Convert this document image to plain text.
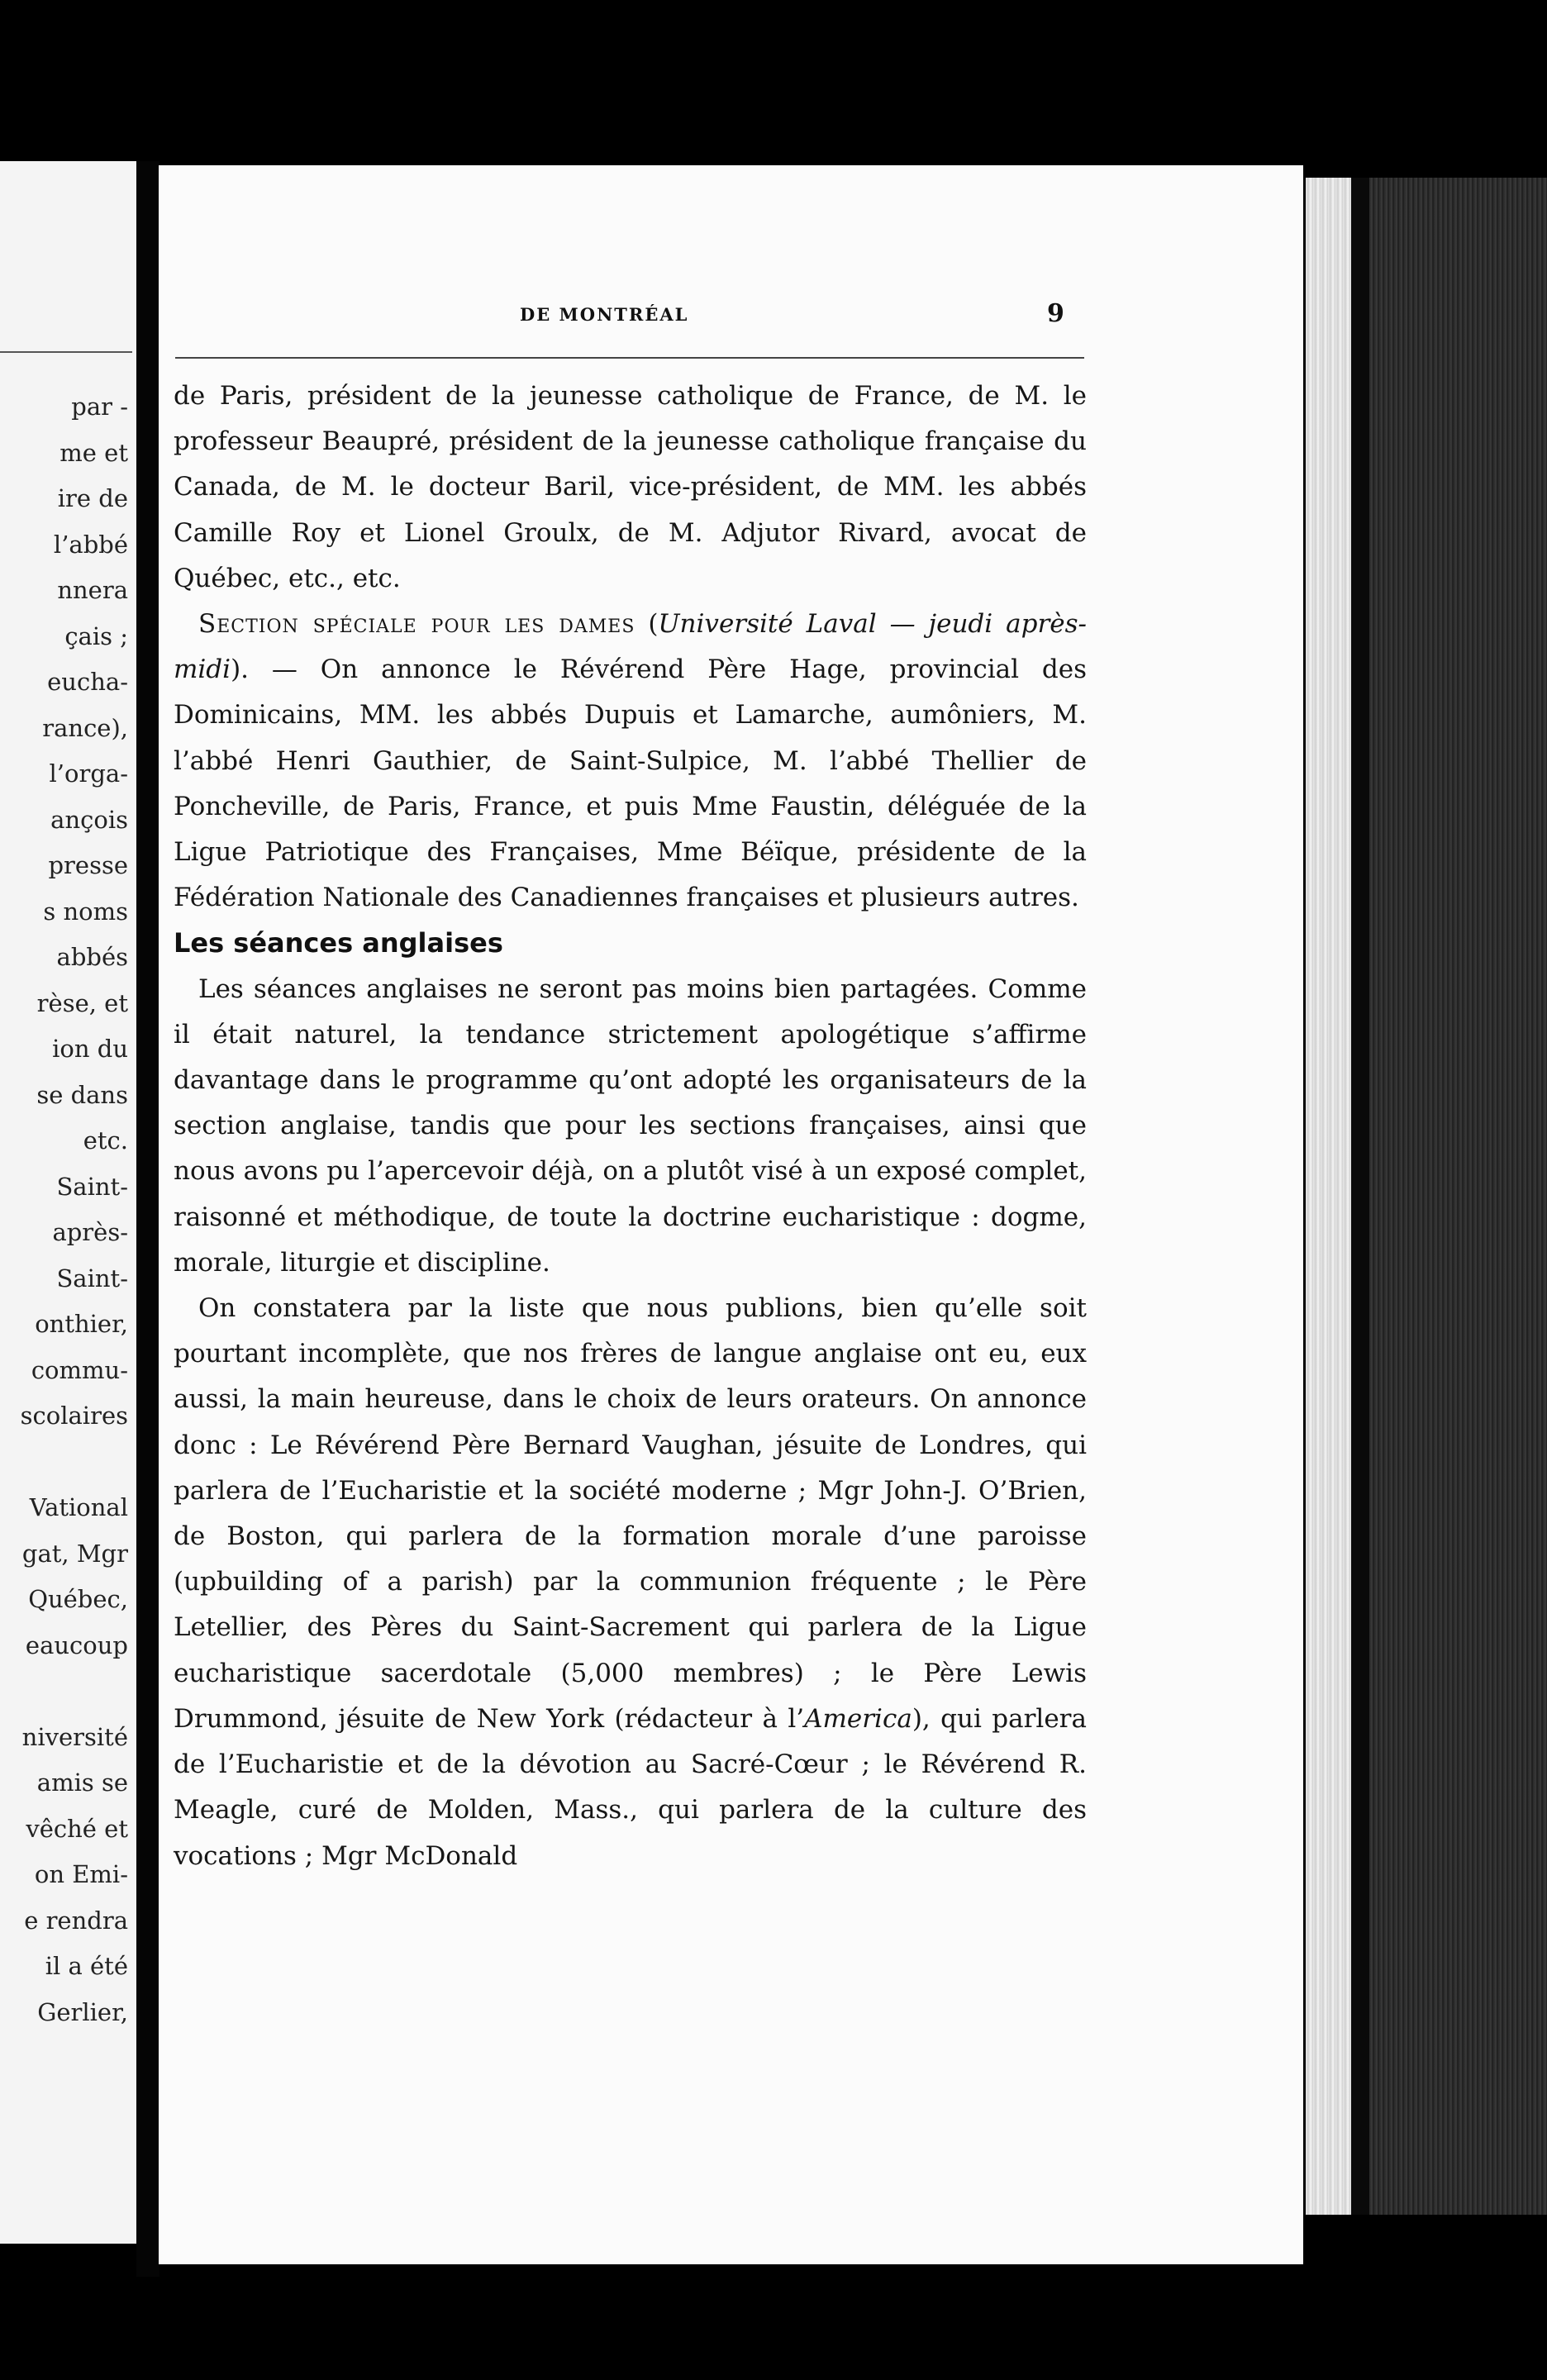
par -
me et
ire de
l’abbé
nnera
çais ;
eucha-
rance),
l’orga-
ançois
presse
s noms
abbés
rèse, et
ion du
se dans
etc.
Saint-
après-
Saint-
onthier,
commu-
scolaires

Vational
gat, Mgr
Québec,
eaucoup

niversité
amis se
vêché et
on Emi-
e rendra
il a été
Gerlier,
DE MONTRÉAL	9

de Paris, président de la jeunesse catholique de France, de M. le professeur Beaupré, président de la jeunesse catholique française du Canada, de M. le docteur Baril, vice-président, de MM. les abbés Camille Roy et Lionel Groulx, de M. Adjutor Rivard, avocat de Québec, etc., etc.

Section spéciale pour les dames (Université Laval — jeudi après-midi). — On annonce le Révérend Père Hage, provincial des Dominicains, MM. les abbés Dupuis et Lamarche, aumôniers, M. l’abbé Henri Gauthier, de Saint-Sulpice, M. l’abbé Thellier de Poncheville, de Paris, France, et puis Mme Faustin, déléguée de la Ligue Patriotique des Françaises, Mme Béïque, présidente de la Fédération Nationale des Canadiennes françaises et plusieurs autres.

Les séances anglaises

Les séances anglaises ne seront pas moins bien partagées. Comme il était naturel, la tendance strictement apologétique s’affirme davantage dans le programme qu’ont adopté les organisateurs de la section anglaise, tandis que pour les sections françaises, ainsi que nous avons pu l’apercevoir déjà, on a plutôt visé à un exposé complet, raisonné et méthodique, de toute la doctrine eucharistique : dogme, morale, liturgie et discipline.

On constatera par la liste que nous publions, bien qu’elle soit pourtant incomplète, que nos frères de langue anglaise ont eu, eux aussi, la main heureuse, dans le choix de leurs orateurs. On annonce donc : Le Révérend Père Bernard Vaughan, jésuite de Londres, qui parlera de l’Eucharistie et la société moderne ; Mgr John-J. O’Brien, de Boston, qui parlera de la formation morale d’une paroisse (upbuilding of a parish) par la communion fréquente ; le Père Letellier, des Pères du Saint-Sacrement qui parlera de la Ligue eucharistique sacerdotale (5,000 membres) ; le Père Lewis Drummond, jésuite de New York (rédacteur à l’America), qui parlera de l’Eucharistie et de la dévotion au Sacré-Cœur ; le Révérend R. Meagle, curé de Molden, Mass., qui parlera de la culture des vocations ; Mgr McDonald
